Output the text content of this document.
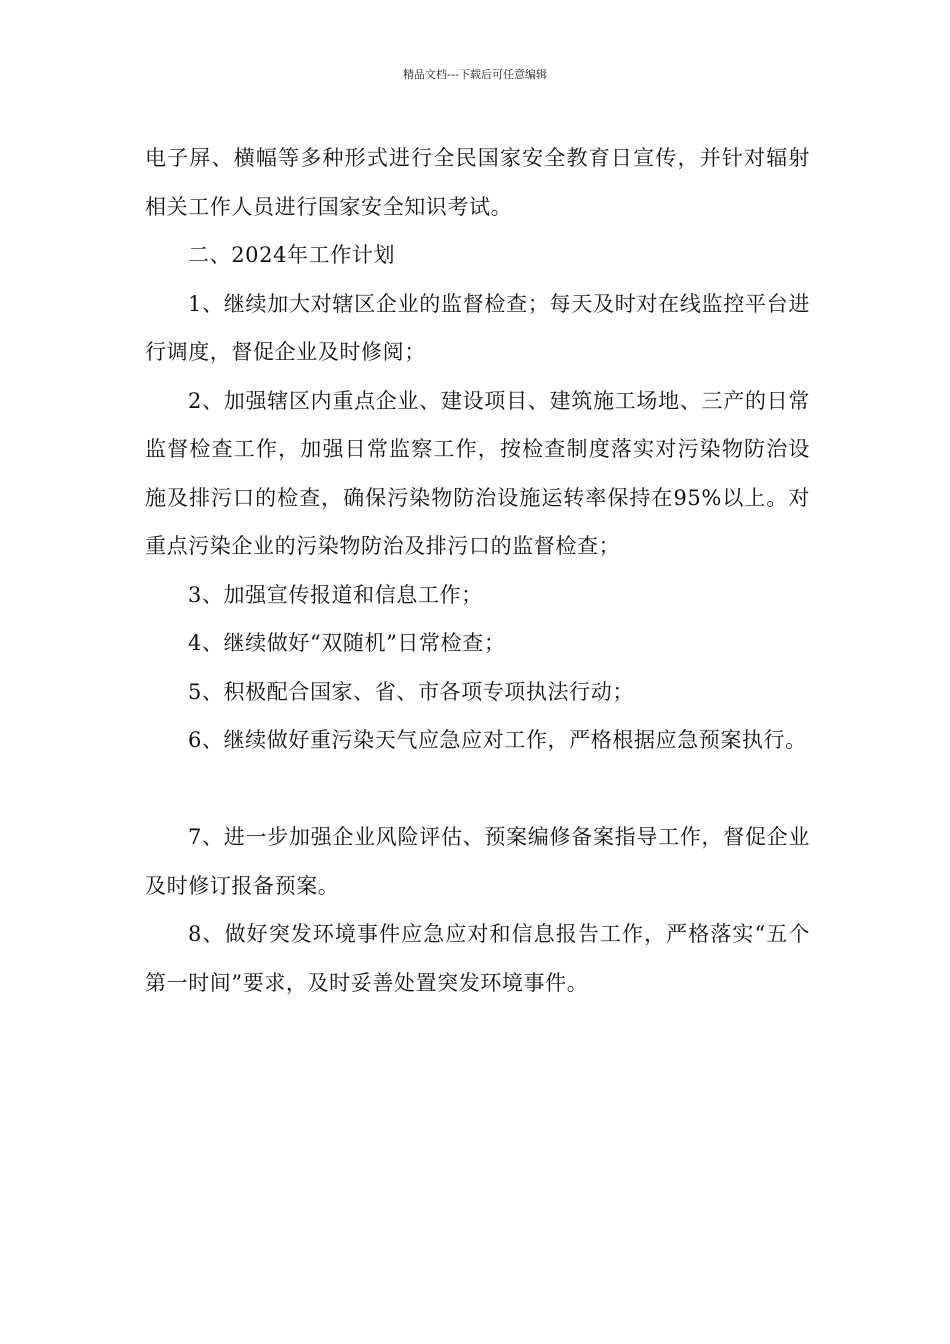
精品文档---下载后可任意编辑

电子屏、横幅等多种形式进行全民国家安全教育日宣传，并针对辐射相关工作人员进行国家安全知识考试。

二、2024年工作计划

1、继续加大对辖区企业的监督检查；每天及时对在线监控平台进行调度，督促企业及时修阅；

2、加强辖区内重点企业、建设项目、建筑施工场地、三产的日常监督检查工作，加强日常监察工作，按检查制度落实对污染物防治设施及排污口的检查，确保污染物防治设施运转率保持在95%以上。对重点污染企业的污染物防治及排污口的监督检查；

3、加强宣传报道和信息工作；

4、继续做好“双随机”日常检查；

5、积极配合国家、省、市各项专项执法行动；

6、继续做好重污染天气应急应对工作，严格根据应急预案执行。

7、进一步加强企业风险评估、预案编修备案指导工作，督促企业及时修订报备预案。

8、做好突发环境事件应急应对和信息报告工作，严格落实“五个第一时间”要求，及时妥善处置突发环境事件。
